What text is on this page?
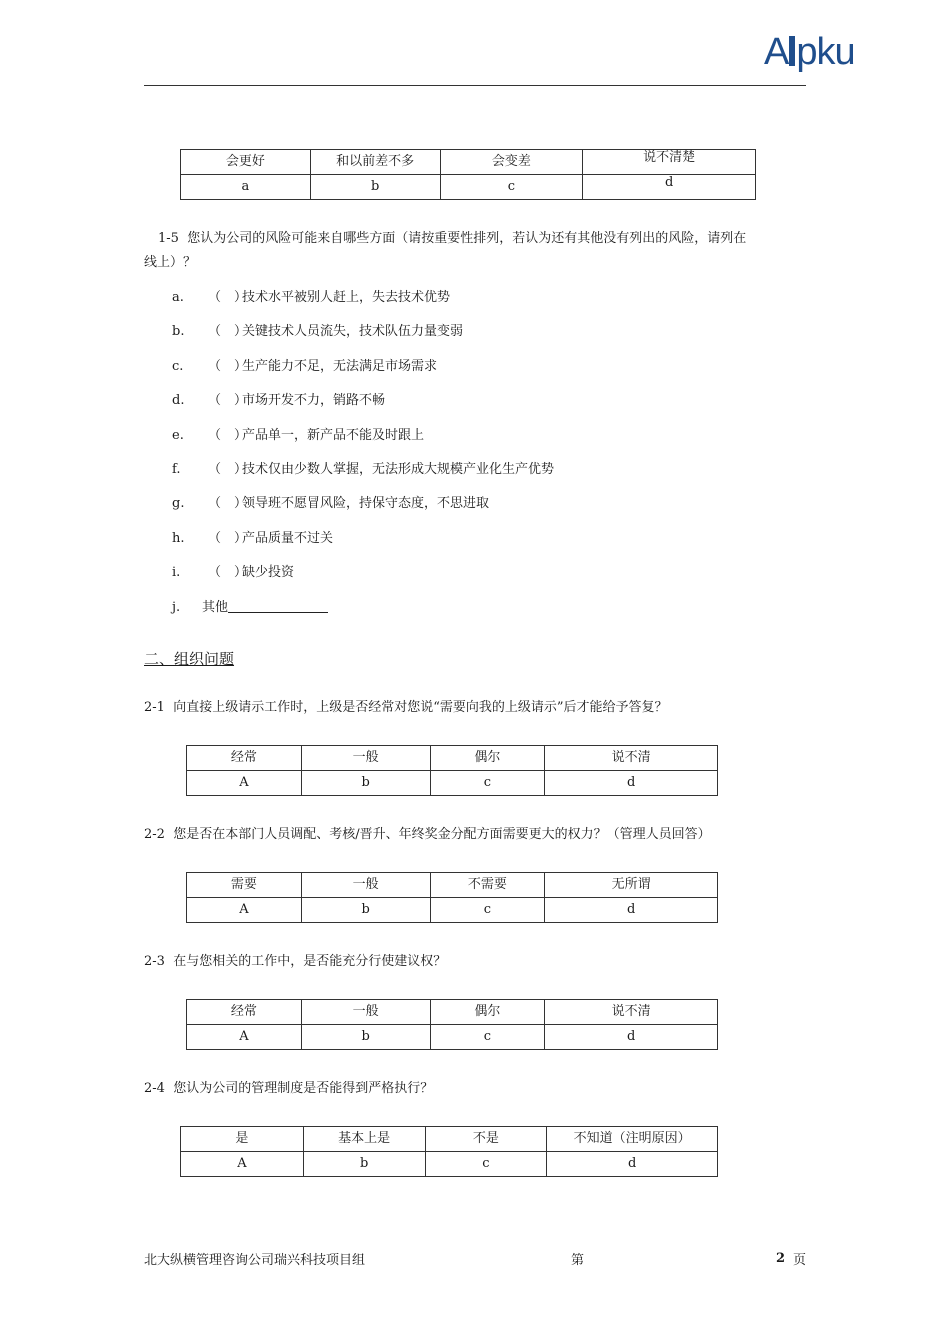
A pku
会更好	和以前差不多	会变差	说不清楚
a	b	c	d
1-5 您认为公司的风险可能来自哪些方面（请按重要性排列，若认为还有其他没有列出的风险，请列在
线上）？
a. （　）技术水平被别人赶上，失去技术优势
b. （　）关键技术人员流失，技术队伍力量变弱
c. （　）生产能力不足，无法满足市场需求
d. （　）市场开发不力，销路不畅
e. （　）产品单一，新产品不能及时跟上
f. （　）技术仅由少数人掌握，无法形成大规模产业化生产优势
g. （　）领导班不愿冒风险，持保守态度，不思进取
h. （　）产品质量不过关
i. （　）缺少投资
j. 其他
二、组织问题
2-1 向直接上级请示工作时，上级是否经常对您说“需要向我的上级请示”后才能给予答复？
经常	一般	偶尔	说不清
A	b	c	d
2-2 您是否在本部门人员调配、考核/晋升、年终奖金分配方面需要更大的权力？（管理人员回答）
需要	一般	不需要	无所谓
A	b	c	d
2-3 在与您相关的工作中，是否能充分行使建议权？
经常	一般	偶尔	说不清
A	b	c	d
2-4 您认为公司的管理制度是否能得到严格执行？
是	基本上是	不是	不知道（注明原因）
A	b	c	d
北大纵横管理咨询公司瑞兴科技项目组	第	2 页
